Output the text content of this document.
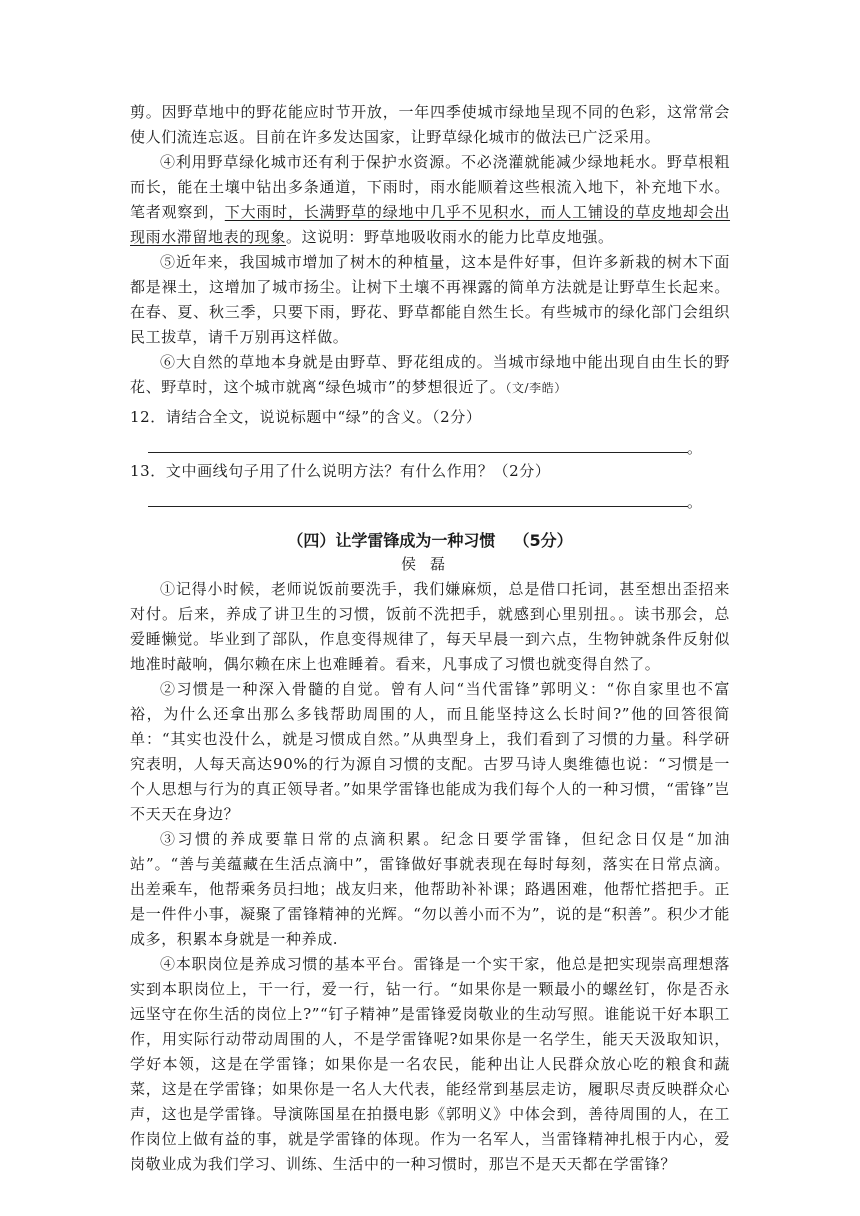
剪。因野草地中的野花能应时节开放，一年四季使城市绿地呈现不同的色彩，这常常会使人们流连忘返。目前在许多发达国家，让野草绿化城市的做法已广泛采用。

④利用野草绿化城市还有利于保护水资源。不必浇灌就能减少绿地耗水。野草根粗而长，能在土壤中钻出多条通道，下雨时，雨水能顺着这些根流入地下，补充地下水。笔者观察到，下大雨时，长满野草的绿地中几乎不见积水，而人工铺设的草皮地却会出现雨水滞留地表的现象。这说明：野草地吸收雨水的能力比草皮地强。

⑤近年来，我国城市增加了树木的种植量，这本是件好事，但许多新栽的树木下面都是裸土，这增加了城市扬尘。让树下土壤不再裸露的简单方法就是让野草生长起来。在春、夏、秋三季，只要下雨，野花、野草都能自然生长。有些城市的绿化部门会组织民工拔草，请千万别再这样做。

⑥大自然的草地本身就是由野草、野花组成的。当城市绿地中能出现自由生长的野花、野草时，这个城市就离“绿色城市”的梦想很近了。（文/李皓）

12．请结合全文，说说标题中“绿”的含义。（2分）

。

13．文中画线句子用了什么说明方法？有什么作用？（2分）

。
（四）让学雷锋成为一种习惯 （5分）
侯磊

①记得小时候，老师说饭前要洗手，我们嫌麻烦，总是借口托词，甚至想出歪招来对付。后来，养成了讲卫生的习惯，饭前不洗把手，就感到心里别扭。。读书那会，总爱睡懒觉。毕业到了部队，作息变得规律了，每天早晨一到六点，生物钟就条件反射似地准时敲响，偶尔赖在床上也难睡着。看来，凡事成了习惯也就变得自然了。

②习惯是一种深入骨髓的自觉。曾有人问“当代雷锋”郭明义：“你自家里也不富裕，为什么还拿出那么多钱帮助周围的人，而且能坚持这么长时间?”他的回答很简单：“其实也没什么，就是习惯成自然。”从典型身上，我们看到了习惯的力量。科学研究表明，人每天高达90%的行为源自习惯的支配。古罗马诗人奥维德也说：“习惯是一个人思想与行为的真正领导者。”如果学雷锋也能成为我们每个人的一种习惯，“雷锋”岂不天天在身边？

③习惯的养成要靠日常的点滴积累。纪念日要学雷锋，但纪念日仅是“加油站”。“善与美蕴藏在生活点滴中”，雷锋做好事就表现在每时每刻，落实在日常点滴。出差乘车，他帮乘务员扫地；战友归来，他帮助补补课；路遇困难，他帮忙搭把手。正是一件件小事，凝聚了雷锋精神的光辉。“勿以善小而不为”，说的是“积善”。积少才能成多，积累本身就是一种养成.

④本职岗位是养成习惯的基本平台。雷锋是一个实干家，他总是把实现崇高理想落实到本职岗位上，干一行，爱一行，钻一行。“如果你是一颗最小的螺丝钉，你是否永远坚守在你生活的岗位上?”“钉子精神”是雷锋爱岗敬业的生动写照。谁能说干好本职工作，用实际行动带动周围的人，不是学雷锋呢?如果你是一名学生，能天天汲取知识，学好本领，这是在学雷锋；如果你是一名农民，能种出让人民群众放心吃的粮食和蔬菜，这是在学雷锋；如果你是一名人大代表，能经常到基层走访，履职尽责反映群众心声，这也是学雷锋。导演陈国星在拍摄电影《郭明义》中体会到，善待周围的人，在工作岗位上做有益的事，就是学雷锋的体现。作为一名军人，当雷锋精神扎根于内心，爱岗敬业成为我们学习、训练、生活中的一种习惯时，那岂不是天天都在学雷锋？
